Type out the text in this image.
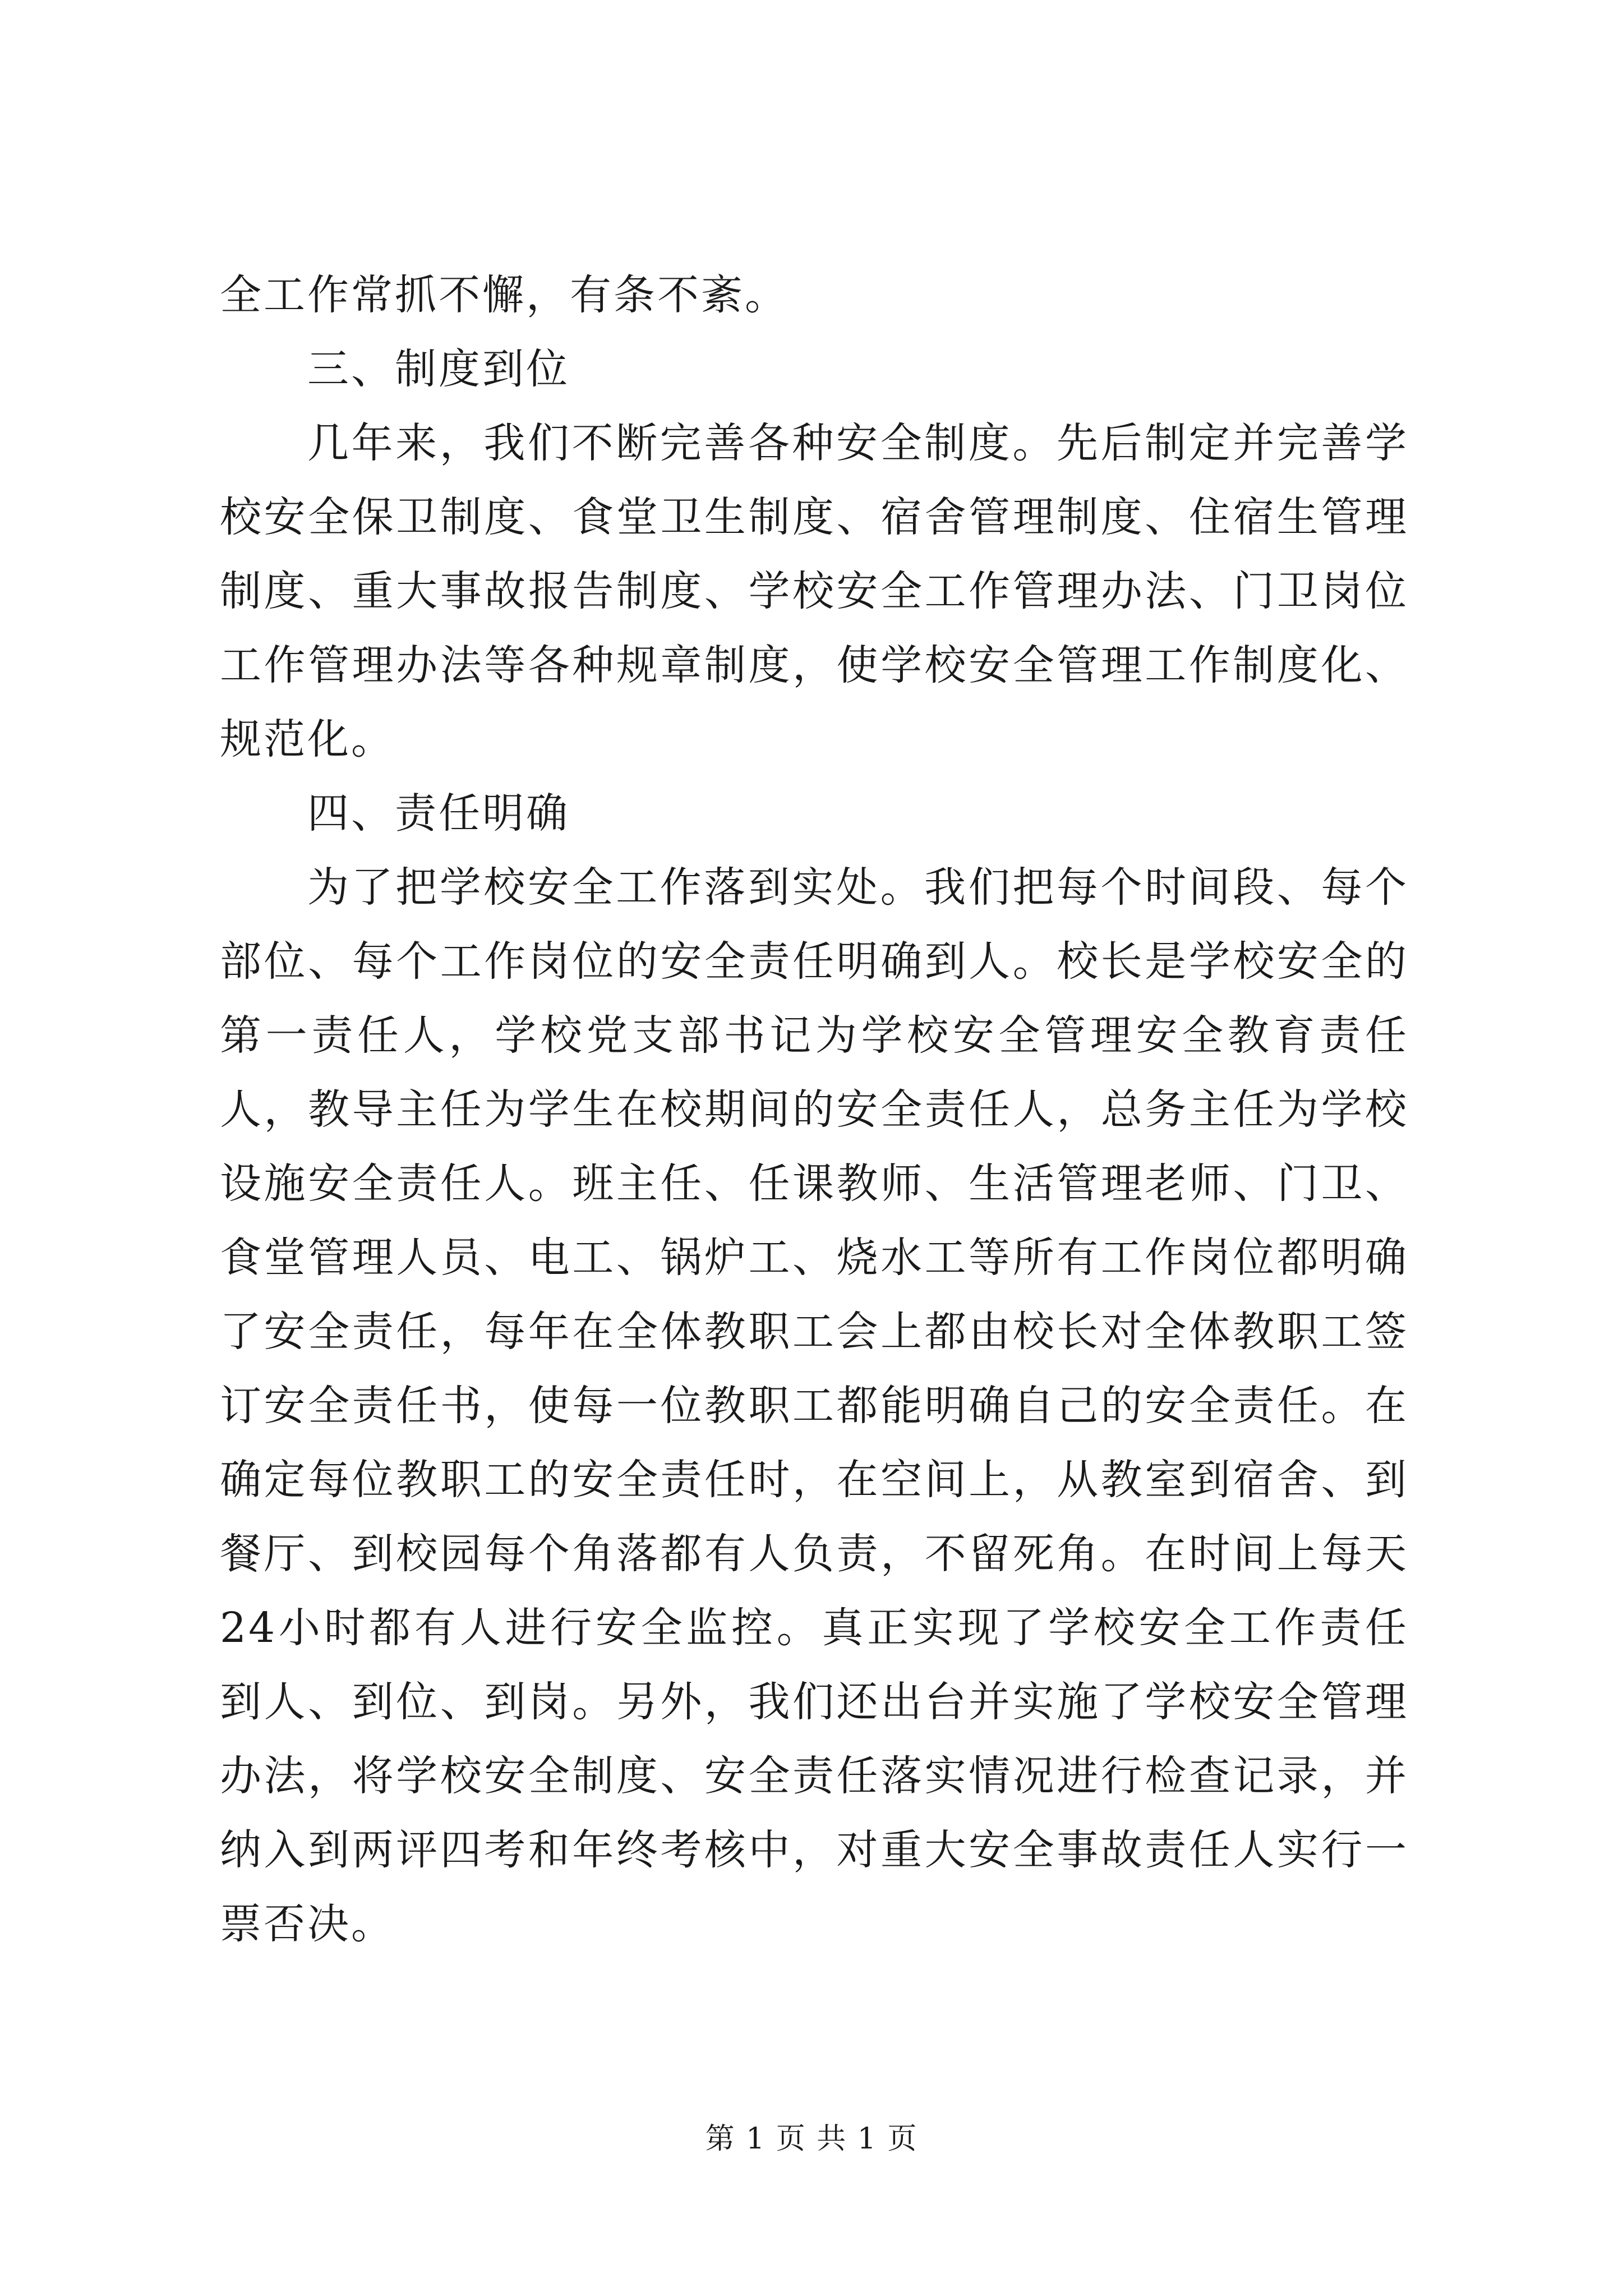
全工作常抓不懈，有条不紊。

三、制度到位

几年来，我们不断完善各种安全制度。先后制定并完善学校安全保卫制度、食堂卫生制度、宿舍管理制度、住宿生管理制度、重大事故报告制度、学校安全工作管理办法、门卫岗位工作管理办法等各种规章制度，使学校安全管理工作制度化、规范化。

四、责任明确

为了把学校安全工作落到实处。我们把每个时间段、每个部位、每个工作岗位的安全责任明确到人。校长是学校安全的第一责任人，学校党支部书记为学校安全管理安全教育责任人，教导主任为学生在校期间的安全责任人，总务主任为学校设施安全责任人。班主任、任课教师、生活管理老师、门卫、食堂管理人员、电工、锅炉工、烧水工等所有工作岗位都明确了安全责任，每年在全体教职工会上都由校长对全体教职工签订安全责任书，使每一位教职工都能明确自己的安全责任。在确定每位教职工的安全责任时，在空间上，从教室到宿舍、到餐厅、到校园每个角落都有人负责，不留死角。在时间上每天24小时都有人进行安全监控。真正实现了学校安全工作责任到人、到位、到岗。另外，我们还出台并实施了学校安全管理办法，将学校安全制度、安全责任落实情况进行检查记录，并纳入到两评四考和年终考核中，对重大安全事故责任人实行一票否决。

第 1 页 共 1 页
